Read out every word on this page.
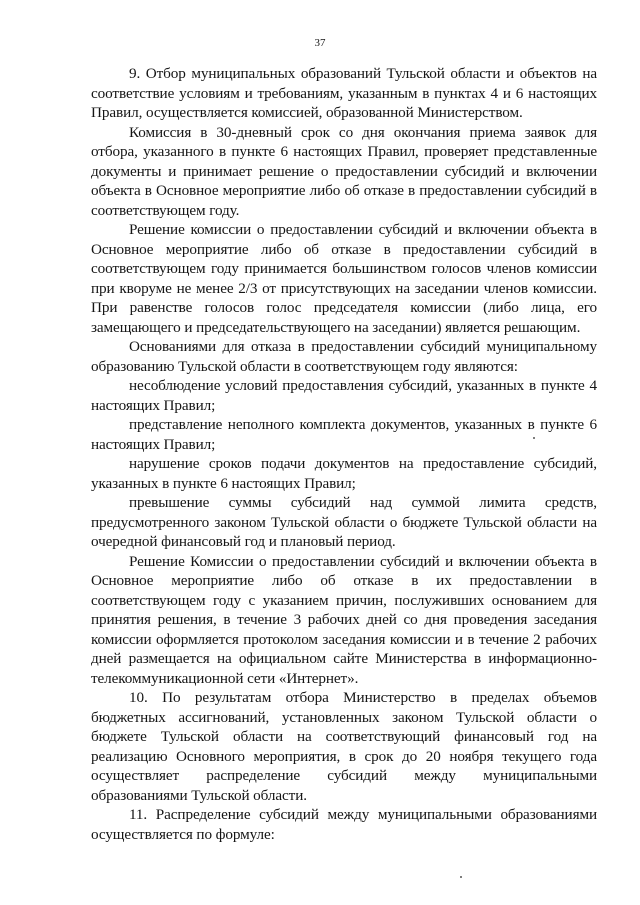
37

9. Отбор муниципальных образований Тульской области и объектов на соответствие условиям и требованиям, указанным в пунктах 4 и 6 настоящих Правил, осуществляется комиссией, образованной Министерством.

Комиссия в 30-дневный срок со дня окончания приема заявок для отбора, указанного в пункте 6 настоящих Правил, проверяет представленные документы и принимает решение о предоставлении субсидий и включении объекта в Основное мероприятие либо об отказе в предоставлении субсидий в соответствующем году.

Решение комиссии о предоставлении субсидий и включении объекта в Основное мероприятие либо об отказе в предоставлении субсидий в соответствующем году принимается большинством голосов членов комиссии при кворуме не менее 2/3 от присутствующих на заседании членов комиссии. При равенстве голосов голос председателя комиссии (либо лица, его замещающего и председательствующего на заседании) является решающим.

Основаниями для отказа в предоставлении субсидий муниципальному образованию Тульской области в соответствующем году являются:

несоблюдение условий предоставления субсидий, указанных в пункте 4 настоящих Правил;

представление неполного комплекта документов, указанных в пункте 6 настоящих Правил;

нарушение сроков подачи документов на предоставление субсидий, указанных в пункте 6 настоящих Правил;

превышение суммы субсидий над суммой лимита средств, предусмотренного законом Тульской области о бюджете Тульской области на очередной финансовый год и плановый период.

Решение Комиссии о предоставлении субсидий и включении объекта в Основное мероприятие либо об отказе в их предоставлении в соответствующем году с указанием причин, послуживших основанием для принятия решения, в течение 3 рабочих дней со дня проведения заседания комиссии оформляется протоколом заседания комиссии и в течение 2 рабочих дней размещается на официальном сайте Министерства в информационно-телекоммуникационной сети «Интернет».

10. По результатам отбора Министерство в пределах объемов бюджетных ассигнований, установленных законом Тульской области о бюджете Тульской области на соответствующий финансовый год на реализацию Основного мероприятия, в срок до 20 ноября текущего года осуществляет распределение субсидий между муниципальными образованиями Тульской области.

11. Распределение субсидий между муниципальными образованиями осуществляется по формуле:
